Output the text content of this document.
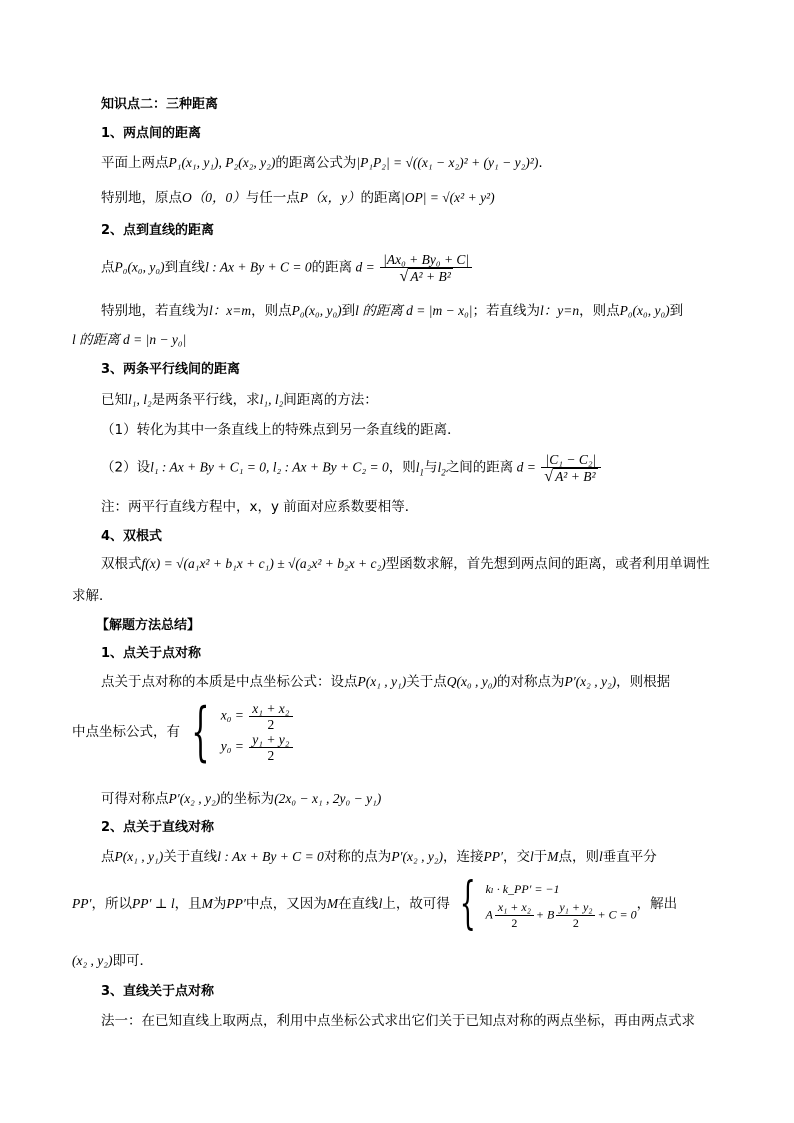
知识点二：三种距离
1、两点间的距离
平面上两点P₁(x₁, y₁), P₂(x₂, y₂)的距离公式为|P₁P₂| = √((x₁ − x₂)² + (y₁ − y₂)²).
特别地，原点O（0，0）与任一点P（x，y）的距离|OP| = √(x² + y²)
2、点到直线的距离
点P₀(x₀, y₀)到直线l : Ax + By + C = 0的距离 $d = \frac{\text{|Ax₀ + By₀ + C|}}{\text{√ A² + B²}}$
特别地，若直线为l：x=m，则点P₀(x₀, y₀)到l 的距离 d = |m − x₀|；若直线为l：y=n，则点P₀(x₀, y₀)到
l 的距离 d = |n − y₀|
3、两条平行线间的距离
已知l₁, l₂是两条平行线，求l₁, l₂间距离的方法：
（1）转化为其中一条直线上的特殊点到另一条直线的距离．
（2）设l₁ : Ax + By + C₁ = 0, l₂ : Ax + By + C₂ = 0，则$l_1$与$l_2$之间的距离 $d = \frac{\text{|C₁ − C₂|}}{\text{√ A² + B²}}$
注：两平行直线方程中，x，y 前面对应系数要相等．
4、双根式
双根式f(x) = √(a₁x² + b₁x + c₁) ± √(a₂x² + b₂x + c₂)型函数求解，首先想到两点间的距离，或者利用单调性
求解．
【解题方法总结】
1、点关于点对称
点关于点对称的本质是中点坐标公式：设点P(x₁ , y₁)关于点Q(x₀ , y₀)的对称点为P′(x₂ , y₂)，则根据
中点坐标公式，有 { $x_0 = \frac{\text{x₁ + x₂}}{2}$
$y_0 = \frac{\text{y₁ + y₂}}{2}$
可得对称点P′(x₂ , y₂)的坐标为(2x₀ − x₁ , 2y₀ − y₁)
2、点关于直线对称
点P(x₁ , y₁)关于直线l : Ax + By + C = 0对称的点为P′(x₂ , y₂)，连接PP′，交l于M点，则l垂直平分
PP′，所以PP′ ⊥ l，且M为PP′中点，又因为M在直线l上，故可得 { kₗ · k_PP′ = −1
A $\frac{\text{x₁ + x₂}}{2} + B \frac{\text{y₁ + y₂}}{2} + C = 0$
，解出
(x₂ , y₂)即可．
3、直线关于点对称
法一：在已知直线上取两点，利用中点坐标公式求出它们关于已知点对称的两点坐标，再由两点式求
